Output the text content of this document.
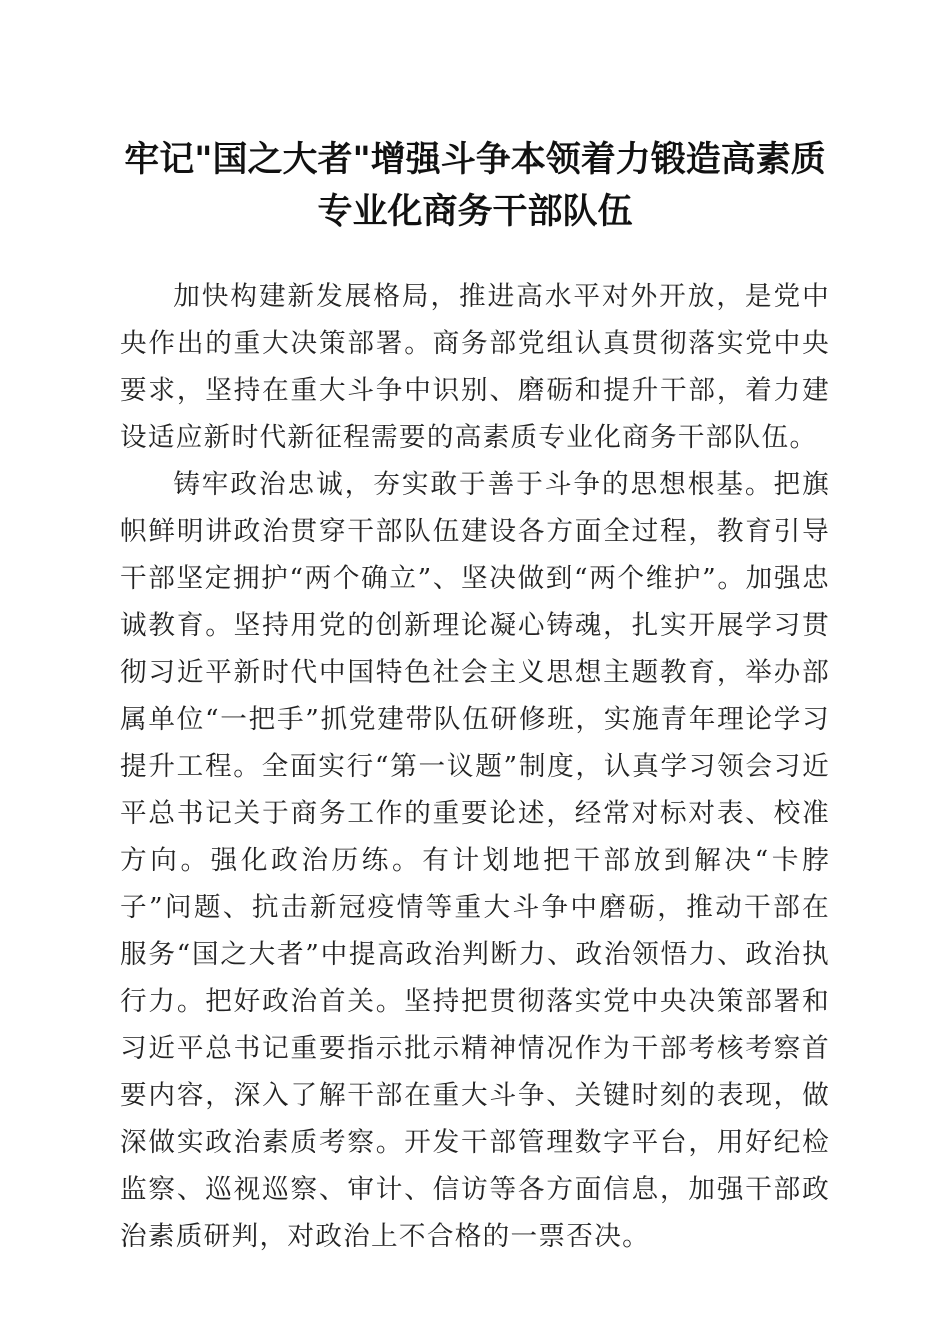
牢记"国之大者"增强斗争本领着力锻造高素质专业化商务干部队伍

加快构建新发展格局，推进高水平对外开放，是党中央作出的重大决策部署。商务部党组认真贯彻落实党中央要求，坚持在重大斗争中识别、磨砺和提升干部，着力建设适应新时代新征程需要的高素质专业化商务干部队伍。

铸牢政治忠诚，夯实敢于善于斗争的思想根基。把旗帜鲜明讲政治贯穿干部队伍建设各方面全过程，教育引导干部坚定拥护“两个确立”、坚决做到“两个维护”。加强忠诚教育。坚持用党的创新理论凝心铸魂，扎实开展学习贯彻习近平新时代中国特色社会主义思想主题教育，举办部属单位“一把手”抓党建带队伍研修班，实施青年理论学习提升工程。全面实行“第一议题”制度，认真学习领会习近平总书记关于商务工作的重要论述，经常对标对表、校准方向。强化政治历练。有计划地把干部放到解决“卡脖子”问题、抗击新冠疫情等重大斗争中磨砺，推动干部在服务“国之大者”中提高政治判断力、政治领悟力、政治执行力。把好政治首关。坚持把贯彻落实党中央决策部署和习近平总书记重要指示批示精神情况作为干部考核考察首要内容，深入了解干部在重大斗争、关键时刻的表现，做深做实政治素质考察。开发干部管理数字平台，用好纪检监察、巡视巡察、审计、信访等各方面信息，加强干部政治素质研判，对政治上不合格的一票否决。
